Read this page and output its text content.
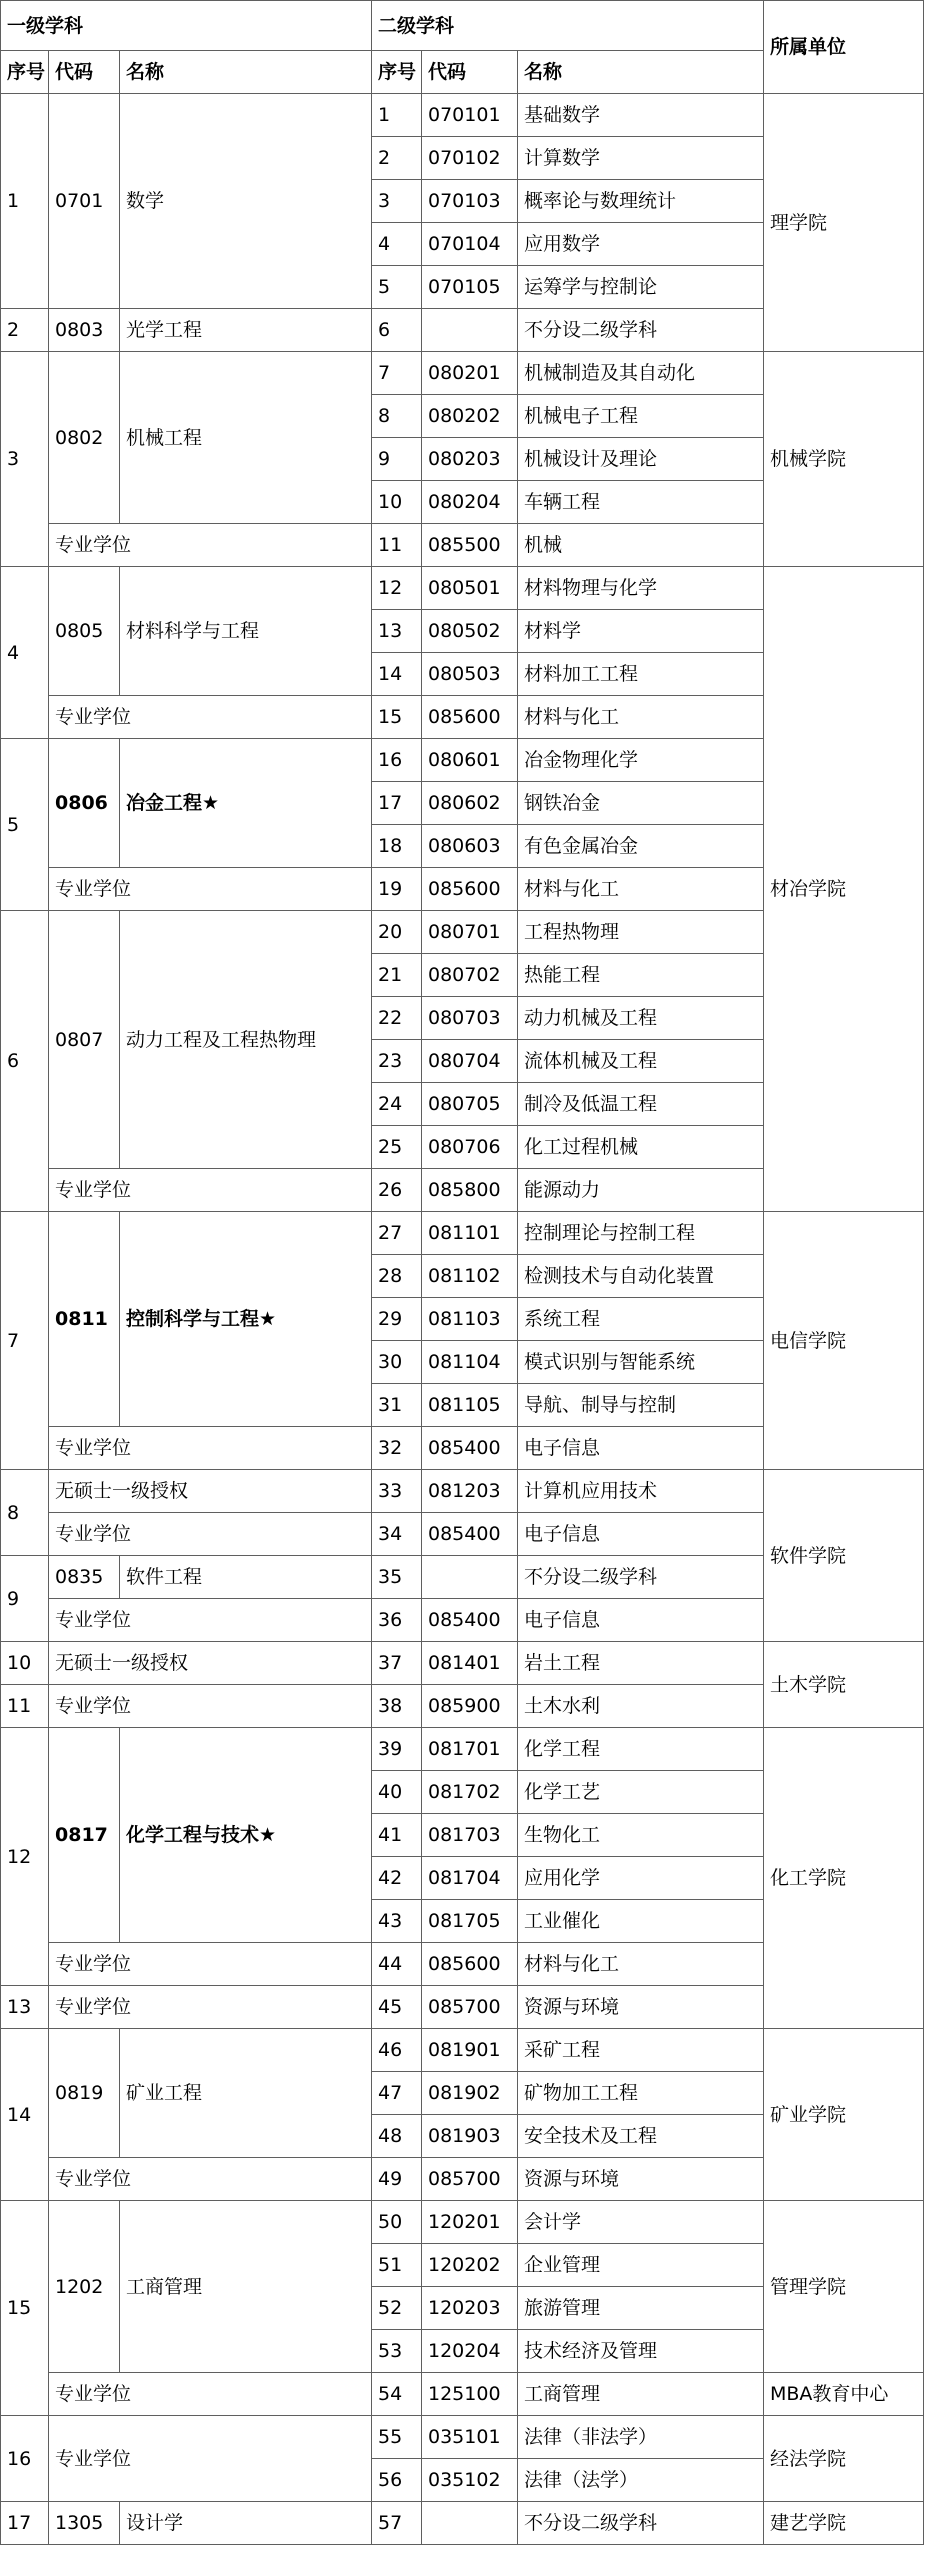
一级学科			二级学科			所属单位
序号	代码	名称	序号	代码	名称	
1	0701	数学	1	070101	基础数学	理学院
			2	070102	计算数学	
			3	070103	概率论与数理统计	
			4	070104	应用数学	
			5	070105	运筹学与控制论	
2	0803	光学工程	6		不分设二级学科	
3	0802	机械工程	7	080201	机械制造及其自动化	机械学院
			8	080202	机械电子工程	
			9	080203	机械设计及理论	
			10	080204	车辆工程	
	专业学位		11	085500	机械	
4	0805	材料科学与工程	12	080501	材料物理与化学	材冶学院
			13	080502	材料学	
			14	080503	材料加工工程	
	专业学位		15	085600	材料与化工	
5	0806	冶金工程★	16	080601	冶金物理化学	
			17	080602	钢铁冶金	
			18	080603	有色金属冶金	
	专业学位		19	085600	材料与化工	
6	0807	动力工程及工程热物理	20	080701	工程热物理	
			21	080702	热能工程	
			22	080703	动力机械及工程	
			23	080704	流体机械及工程	
			24	080705	制冷及低温工程	
			25	080706	化工过程机械	
	专业学位		26	085800	能源动力	
7	0811	控制科学与工程★	27	081101	控制理论与控制工程	电信学院
			28	081102	检测技术与自动化装置	
			29	081103	系统工程	
			30	081104	模式识别与智能系统	
			31	081105	导航、制导与控制	
	专业学位		32	085400	电子信息	
8	无硕士一级授权		33	081203	计算机应用技术	软件学院
	专业学位		34	085400	电子信息	
9	0835	软件工程	35		不分设二级学科	
	专业学位		36	085400	电子信息	
10	无硕士一级授权		37	081401	岩土工程	土木学院
11	专业学位		38	085900	土木水利	
12	0817	化学工程与技术★	39	081701	化学工程	化工学院
			40	081702	化学工艺	
			41	081703	生物化工	
			42	081704	应用化学	
			43	081705	工业催化	
	专业学位		44	085600	材料与化工	
13	专业学位		45	085700	资源与环境	
14	0819	矿业工程	46	081901	采矿工程	矿业学院
			47	081902	矿物加工工程	
			48	081903	安全技术及工程	
	专业学位		49	085700	资源与环境	
15	1202	工商管理	50	120201	会计学	管理学院
			51	120202	企业管理	
			52	120203	旅游管理	
			53	120204	技术经济及管理	
	专业学位		54	125100	工商管理	MBA教育中心
16	专业学位		55	035101	法律（非法学）	经法学院
			56	035102	法律（法学）	
17	1305	设计学	57		不分设二级学科	建艺学院
